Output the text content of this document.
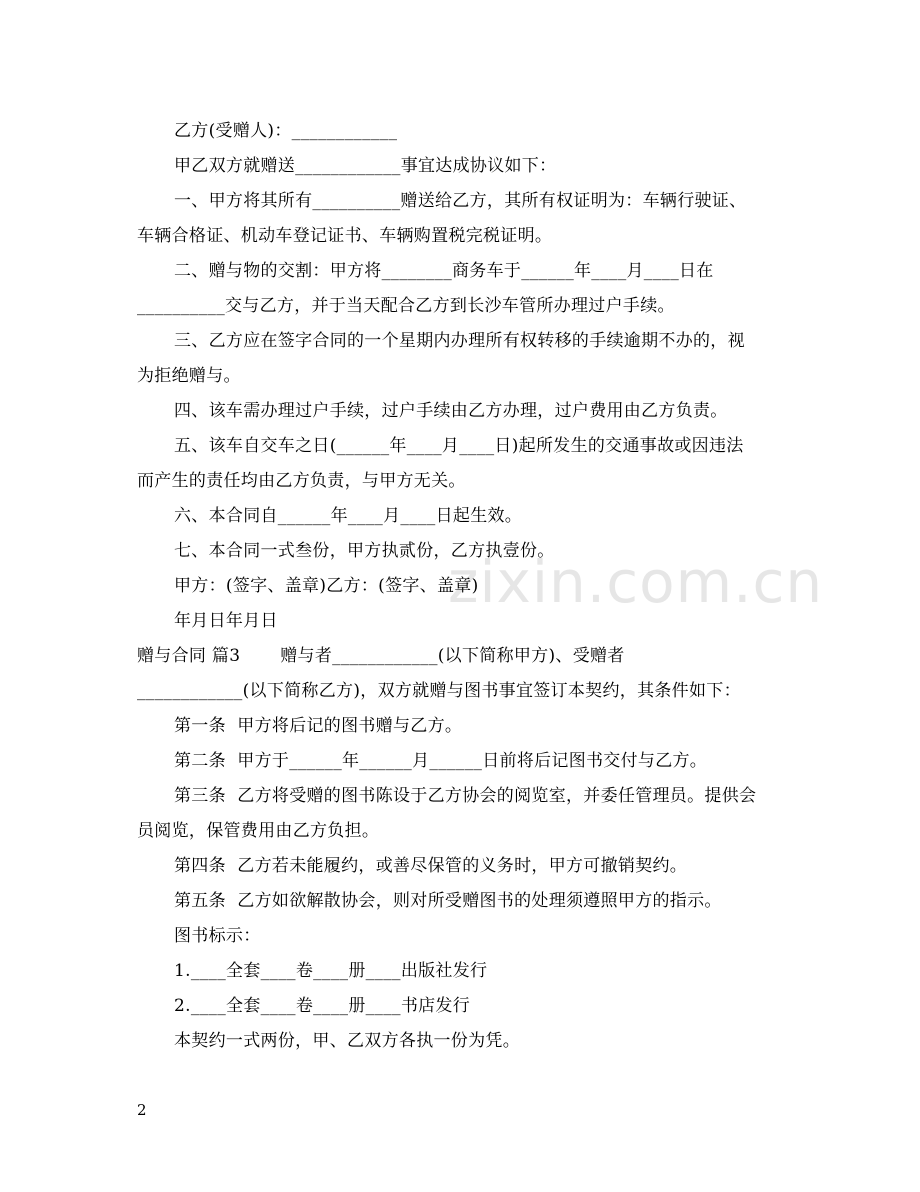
zixin.com.cn
乙方(受赠人)：____________
甲乙双方就赠送____________事宜达成协议如下：
一、甲方将其所有__________赠送给乙方，其所有权证明为：车辆行驶证、
车辆合格证、机动车登记证书、车辆购置税完税证明。
二、赠与物的交割：甲方将________商务车于______年____月____日在
__________交与乙方，并于当天配合乙方到长沙车管所办理过户手续。
三、乙方应在签字合同的一个星期内办理所有权转移的手续逾期不办的，视
为拒绝赠与。
四、该车需办理过户手续，过户手续由乙方办理，过户费用由乙方负责。
五、该车自交车之日(______年____月____日)起所发生的交通事故或因违法
而产生的责任均由乙方负责，与甲方无关。
六、本合同自______年____月____日起生效。
七、本合同一式叁份，甲方执贰份，乙方执壹份。
甲方：(签字、盖章)乙方：(签字、盖章)
年月日年月日
赠与合同 篇3       赠与者____________(以下简称甲方)、受赠者
____________(以下简称乙方)，双方就赠与图书事宜签订本契约，其条件如下：
第一条  甲方将后记的图书赠与乙方。
第二条  甲方于______年______月______日前将后记图书交付与乙方。
第三条  乙方将受赠的图书陈设于乙方协会的阅览室，并委任管理员。提供会
员阅览，保管费用由乙方负担。
第四条  乙方若未能履约，或善尽保管的义务时，甲方可撤销契约。
第五条  乙方如欲解散协会，则对所受赠图书的处理须遵照甲方的指示。
图书标示：
1.____全套____卷____册____出版社发行
2.____全套____卷____册____书店发行
本契约一式两份，甲、乙双方各执一份为凭。
2
